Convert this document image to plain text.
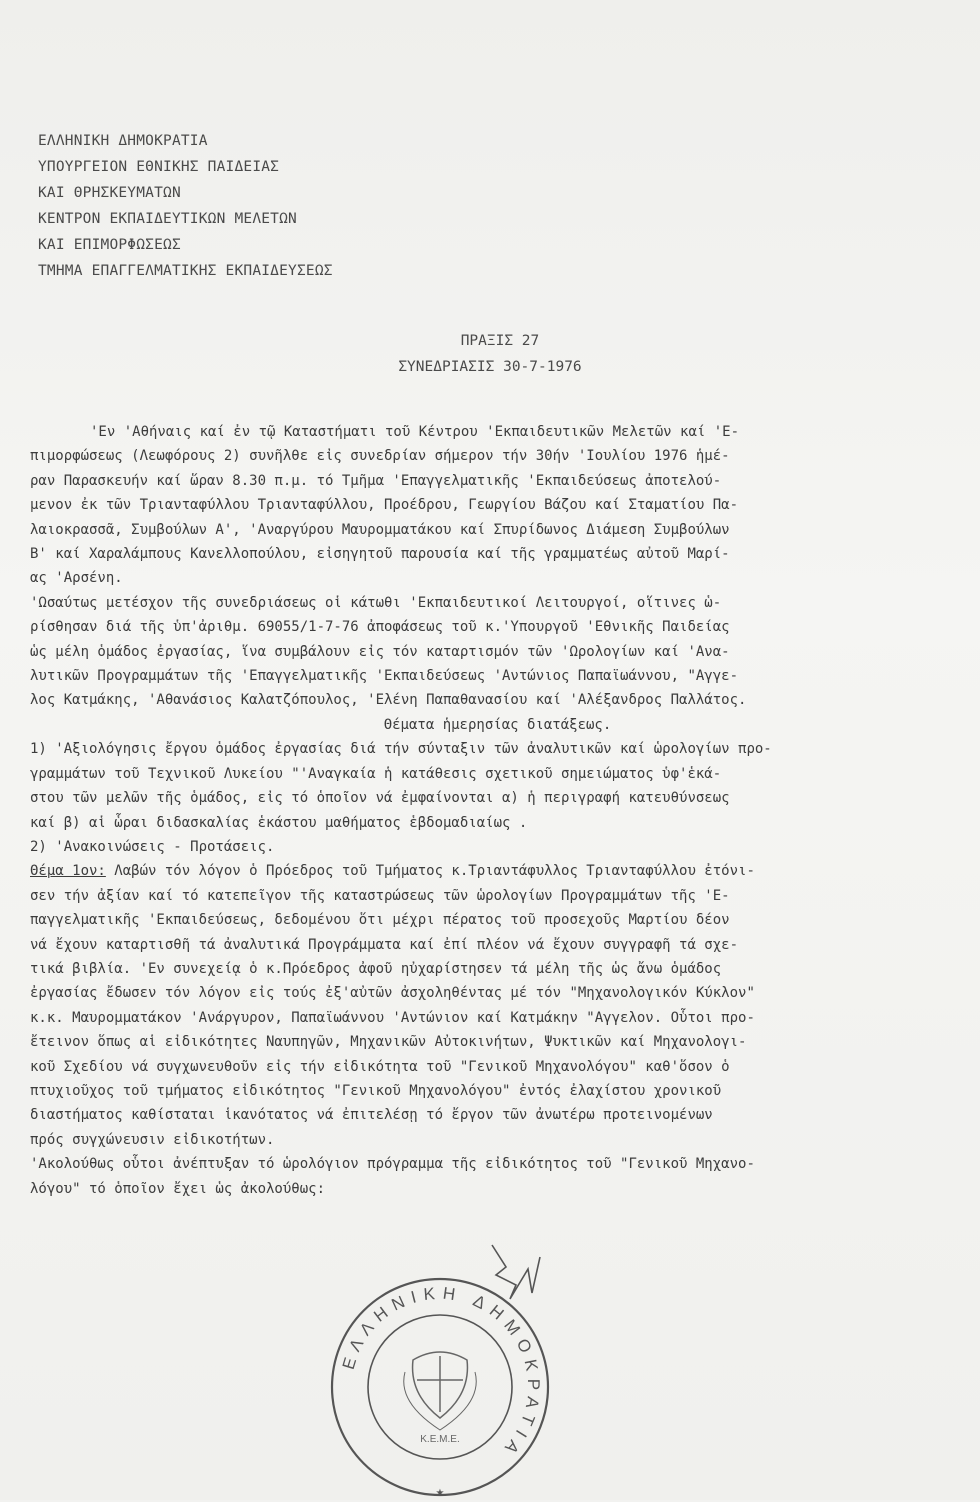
ΕΛΛΗΝΙΚΗ ΔΗΜΟΚΡΑΤΙΑ
ΥΠΟΥΡΓΕΙΟΝ ΕΘΝΙΚΗΣ ΠΑΙΔΕΙΑΣ
ΚΑΙ ΘΡΗΣΚΕΥΜΑΤΩΝ
ΚΕΝΤΡΟΝ ΕΚΠΑΙΔΕΥΤΙΚΩΝ ΜΕΛΕΤΩΝ
ΚΑΙ ΕΠΙΜΟΡΦΩΣΕΩΣ
ΤΜΗΜΑ ΕΠΑΓΓΕΛΜΑΤΙΚΗΣ ΕΚΠΑΙΔΕΥΣΕΩΣ
ΠΡΑΞΙΣ 27
ΣΥΝΕΔΡΙΑΣΙΣ 30-7-1976

'Εν 'Αθήναις καί ἐν τῷ Καταστήματι τοῦ Κέντρου 'Εκπαιδευτικῶν Μελετῶν καί 'Ε-

πιμορφώσεως (Λεωφόρους 2) συνῆλθε εἰς συνεδρίαν σήμερον τήν 30ήν 'Ιουλίου 1976 ἡμέ-

ραν Παρασκευήν καί ὥραν 8.30 π.μ. τό Τμῆμα 'Επαγγελματικῆς 'Εκπαιδεύσεως ἀποτελού-

μενον ἐκ τῶν Τριανταφύλλου Τριανταφύλλου, Προέδρου, Γεωργίου Βάζου καί Σταματίου Πα-

λαιοκρασσᾶ, Συμβούλων Α', 'Αναργύρου Μαυρομματάκου καί Σπυρίδωνος Διάμεση Συμβούλων

Β' καί Χαραλάμπους Κανελλοπούλου, εἰσηγητοῦ παρουσία καί τῆς γραμματέως αὐτοῦ Μαρί-

ας 'Αρσένη.

'Ωσαύτως μετέσχον τῆς συνεδριάσεως οἱ κάτωθι 'Εκπαιδευτικοί Λειτουργοί, οἵτινες ὡ-

ρίσθησαν διά τῆς ὑπ'ἀριθμ. 69055/1-7-76 ἀποφάσεως τοῦ κ.'Υπουργοῦ 'Εθνικῆς Παιδείας

ὡς μέλη ὁμάδος ἐργασίας, ἵνα συμβάλουν εἰς τόν καταρτισμόν τῶν 'Ωρολογίων καί 'Ανα-

λυτικῶν Προγραμμάτων τῆς 'Επαγγελματικῆς 'Εκπαιδεύσεως 'Αντώνιος Παπαϊωάννου, "Αγγε-

λος Κατμάκης, 'Αθανάσιος Καλατζόπουλος, 'Ελένη Παπαθανασίου καί 'Αλέξανδρος Παλλάτος.

Θέματα ἡμερησίας διατάξεως.

1) 'Αξιολόγησις ἔργου ὁμάδος ἐργασίας διά τήν σύνταξιν τῶν ἀναλυτικῶν καί ὡρολογίων προ-

γραμμάτων τοῦ Τεχνικοῦ Λυκείου "'Αναγκαία ἡ κατάθεσις σχετικοῦ σημειώματος ὑφ'ἑκά-

στου τῶν μελῶν τῆς ὁμάδος, εἰς τό ὁποῖον νά ἐμφαίνονται α) ἡ περιγραφή κατευθύνσεως

καί β) αἱ ὧραι διδασκαλίας ἑκάστου μαθήματος ἑβδομαδιαίως .

2) 'Ανακοινώσεις - Προτάσεις.

Θέμα 1ον: Λαβών τόν λόγον ὁ Πρόεδρος τοῦ Τμήματος κ.Τριαντάφυλλος Τριανταφύλλου ἐτόνι-

σεν τήν ἀξίαν καί τό κατεπεῖγον τῆς καταστρώσεως τῶν ὡρολογίων Προγραμμάτων τῆς 'Ε-

παγγελματικῆς 'Εκπαιδεύσεως, δεδομένου ὅτι μέχρι πέρατος τοῦ προσεχοῦς Μαρτίου δέον

νά ἔχουν καταρτισθῆ τά ἀναλυτικά Προγράμματα καί ἐπί πλέον νά ἔχουν συγγραφῆ τά σχε-

τικά βιβλία. 'Εν συνεχείᾳ ὁ κ.Πρόεδρος ἀφοῦ ηὐχαρίστησεν τά μέλη τῆς ὡς ἄνω ὁμάδος

ἐργασίας ἔδωσεν τόν λόγον εἰς τούς ἐξ'αὐτῶν ἀσχοληθέντας μέ τόν "Μηχανολογικόν Κύκλον"

κ.κ. Μαυρομματάκον 'Ανάργυρον, Παπαϊωάννου 'Αντώνιον καί Κατμάκην "Αγγελον. Οὗτοι προ-

ἔτεινον ὅπως αἱ εἰδικότητες Ναυπηγῶν, Μηχανικῶν Αὐτοκινήτων, Ψυκτικῶν καί Μηχανολογι-

κοῦ Σχεδίου νά συγχωνευθοῦν εἰς τήν εἰδικότητα τοῦ "Γενικοῦ Μηχανολόγου" καθ'ὅσον ὁ

πτυχιοῦχος τοῦ τμήματος εἰδικότητος "Γενικοῦ Μηχανολόγου" ἐντός ἐλαχίστου χρονικοῦ

διαστήματος καθίσταται ἱκανότατος νά ἐπιτελέσῃ τό ἔργον τῶν ἀνωτέρω προτεινομένων

πρός συγχώνευσιν εἰδικοτήτων.

'Ακολούθως οὗτοι ἀνέπτυξαν τό ὡρολόγιον πρόγραμμα τῆς εἰδικότητος τοῦ "Γενικοῦ Μηχανο-

λόγου" τό ὁποῖον ἔχει ὡς ἀκολούθως:

ΕΛΛΗΝΙΚΗ ΔΗΜΟΚΡΑΤΙΑ
Κ.Ε.Μ.Ε.
★
